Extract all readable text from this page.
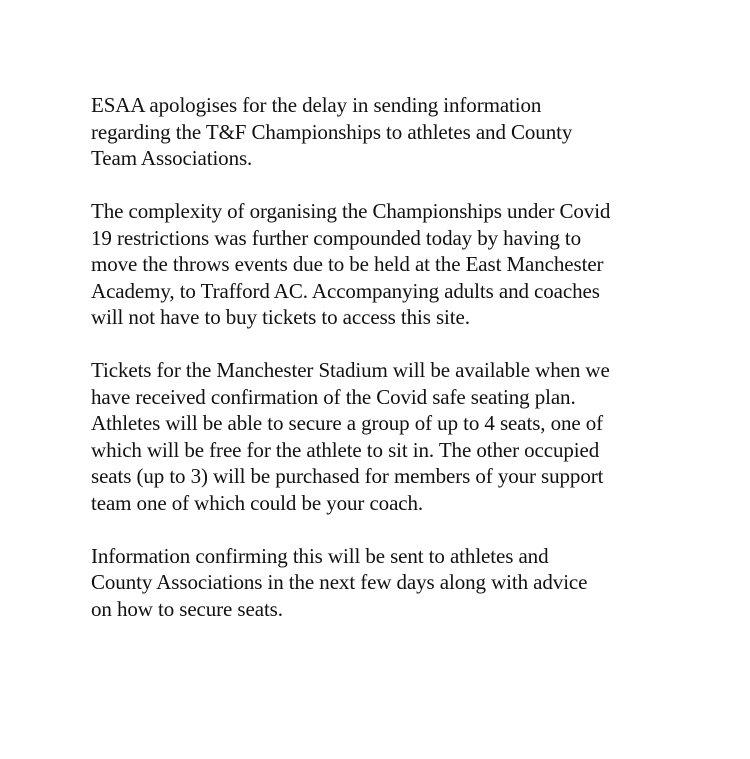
ESAA apologises for the delay in sending information
regarding the T&F Championships to athletes and County
Team Associations.

The complexity of organising the Championships under Covid
19 restrictions was further compounded today by having to
move the throws events due to be held at the East Manchester
Academy, to Trafford AC. Accompanying adults and coaches
will not have to buy tickets to access this site.

Tickets for the Manchester Stadium will be available when we
have received confirmation of the Covid safe seating plan.
Athletes will be able to secure a group of up to 4 seats, one of
which will be free for the athlete to sit in. The other occupied
seats (up to 3) will be purchased for members of your support
team one of which could be your coach.

Information confirming this will be sent to athletes and
County Associations in the next few days along with advice
on how to secure seats.
